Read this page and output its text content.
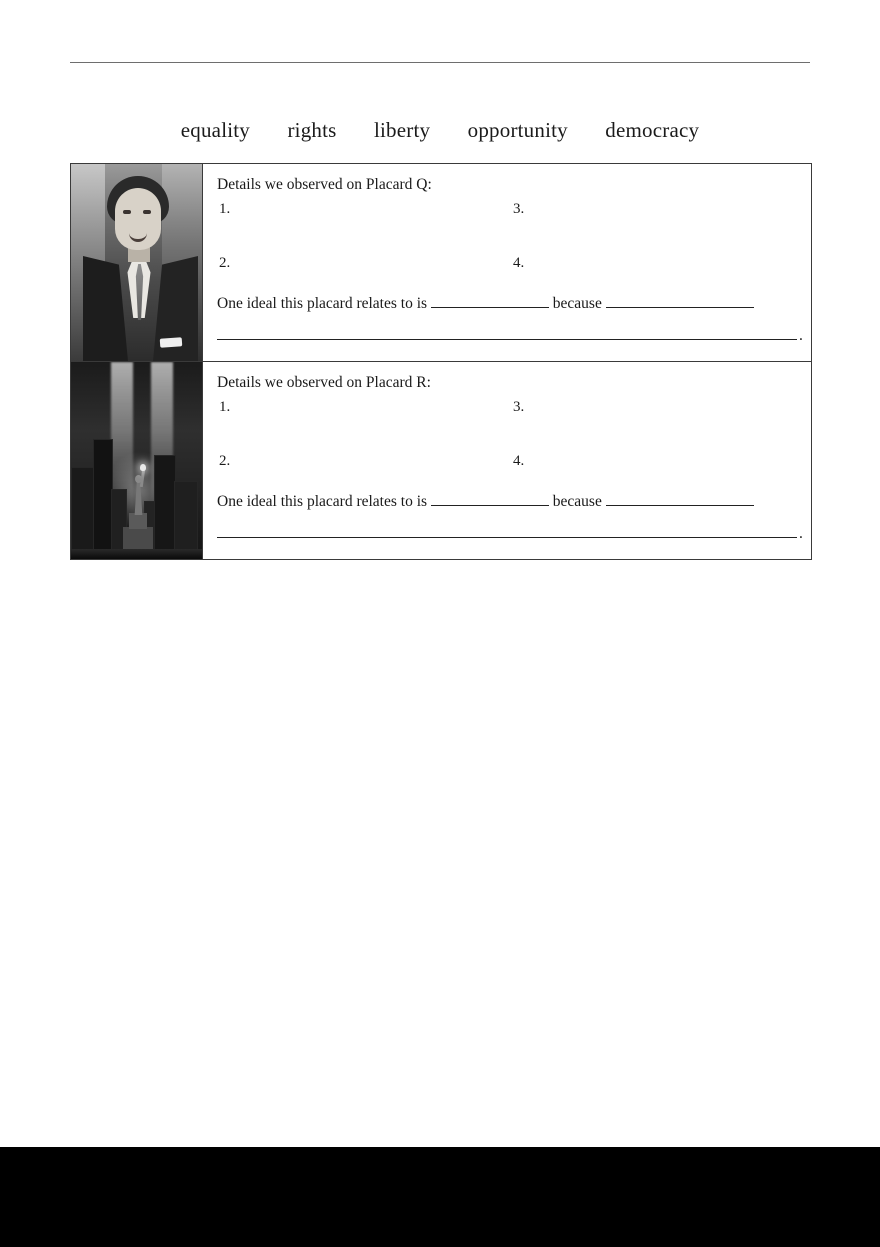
equality rights liberty opportunity democracy
Details we observed on Placard Q:
1.
2.
3.
4.
One ideal this placard relates to is	because
.
Details we observed on Placard R:
1.
2.
3.
4.
One ideal this placard relates to is	because
.
